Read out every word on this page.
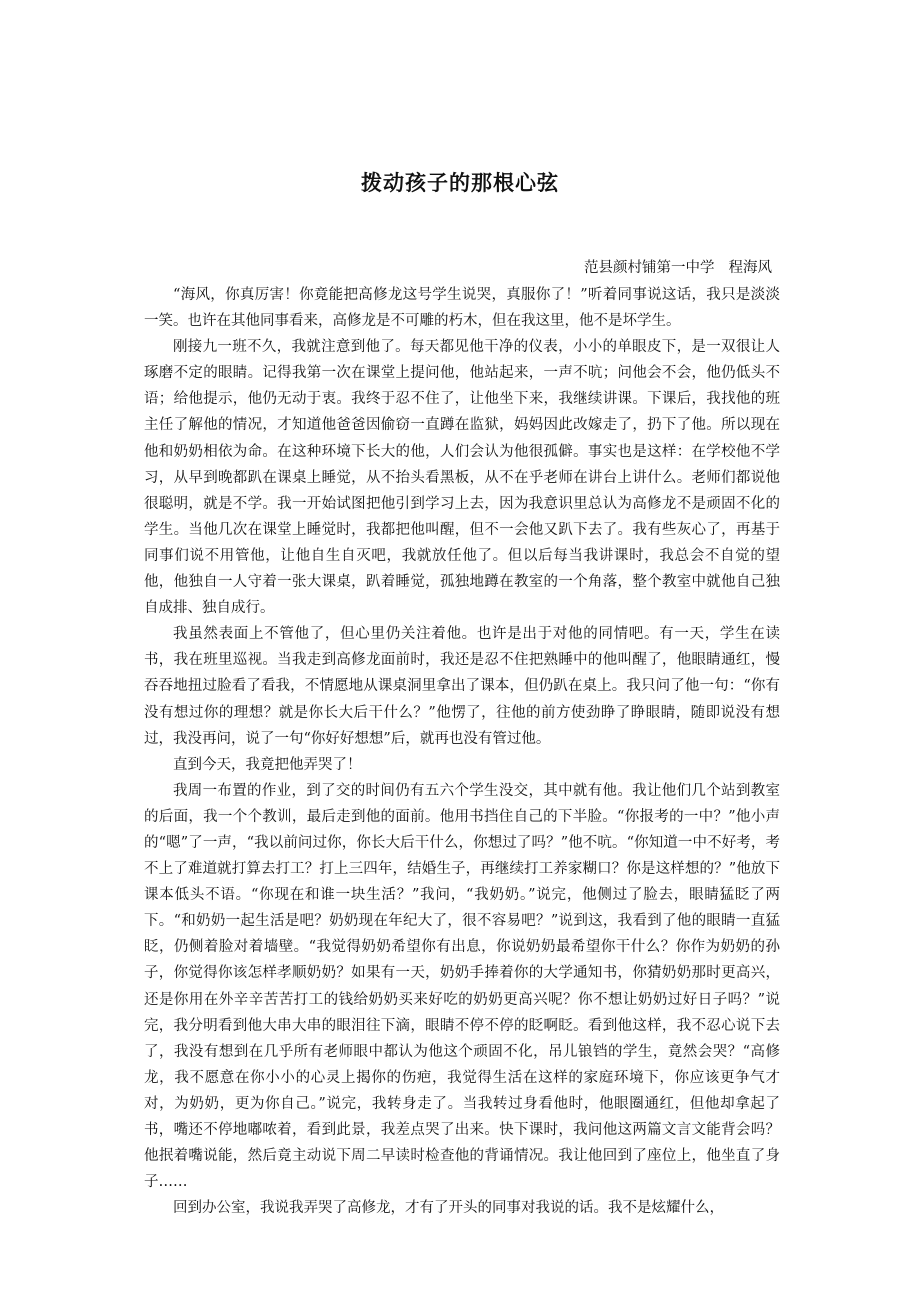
拨动孩子的那根心弦
范县颜村铺第一中学 程海风

“海风，你真厉害！你竟能把高修龙这号学生说哭，真服你了！”听着同事说这话，我只是淡淡一笑。也许在其他同事看来，高修龙是不可雕的朽木，但在我这里，他不是坏学生。

刚接九一班不久，我就注意到他了。每天都见他干净的仪表，小小的单眼皮下，是一双很让人琢磨不定的眼睛。记得我第一次在课堂上提问他，他站起来，一声不吭；问他会不会，他仍低头不语；给他提示，他仍无动于衷。我终于忍不住了，让他坐下来，我继续讲课。下课后，我找他的班主任了解他的情况，才知道他爸爸因偷窃一直蹲在监狱，妈妈因此改嫁走了，扔下了他。所以现在他和奶奶相依为命。在这种环境下长大的他，人们会认为他很孤僻。事实也是这样：在学校他不学习，从早到晚都趴在课桌上睡觉，从不抬头看黑板，从不在乎老师在讲台上讲什么。老师们都说他很聪明，就是不学。我一开始试图把他引到学习上去，因为我意识里总认为高修龙不是顽固不化的学生。当他几次在课堂上睡觉时，我都把他叫醒，但不一会他又趴下去了。我有些灰心了，再基于同事们说不用管他，让他自生自灭吧，我就放任他了。但以后每当我讲课时，我总会不自觉的望他，他独自一人守着一张大课桌，趴着睡觉，孤独地蹲在教室的一个角落，整个教室中就他自己独自成排、独自成行。

我虽然表面上不管他了，但心里仍关注着他。也许是出于对他的同情吧。有一天，学生在读书，我在班里巡视。当我走到高修龙面前时，我还是忍不住把熟睡中的他叫醒了，他眼睛通红，慢吞吞地扭过脸看了看我，不情愿地从课桌洞里拿出了课本，但仍趴在桌上。我只问了他一句：“你有没有想过你的理想？就是你长大后干什么？”他愣了，往他的前方使劲睁了睁眼睛，随即说没有想过，我没再问，说了一句“你好好想想”后，就再也没有管过他。

直到今天，我竟把他弄哭了！

我周一布置的作业，到了交的时间仍有五六个学生没交，其中就有他。我让他们几个站到教室的后面，我一个个教训，最后走到他的面前。他用书挡住自己的下半脸。“你报考的一中？”他小声的“嗯”了一声，“我以前问过你，你长大后干什么，你想过了吗？”他不吭。“你知道一中不好考，考不上了难道就打算去打工？打上三四年，结婚生子，再继续打工养家糊口？你是这样想的？”他放下课本低头不语。“你现在和谁一块生活？”我问，“我奶奶。”说完，他侧过了脸去，眼睛猛眨了两下。“和奶奶一起生活是吧？奶奶现在年纪大了，很不容易吧？”说到这，我看到了他的眼睛一直猛眨，仍侧着脸对着墙壁。“我觉得奶奶希望你有出息，你说奶奶最希望你干什么？你作为奶奶的孙子，你觉得你该怎样孝顺奶奶？如果有一天，奶奶手捧着你的大学通知书，你猜奶奶那时更高兴，还是你用在外辛辛苦苦打工的钱给奶奶买来好吃的奶奶更高兴呢？你不想让奶奶过好日子吗？”说完，我分明看到他大串大串的眼泪往下滴，眼睛不停不停的眨啊眨。看到他这样，我不忍心说下去了，我没有想到在几乎所有老师眼中都认为他这个顽固不化，吊儿锒铛的学生，竟然会哭？“高修龙，我不愿意在你小小的心灵上揭你的伤疤，我觉得生活在这样的家庭环境下，你应该更争气才对，为奶奶，更为你自己。”说完，我转身走了。当我转过身看他时，他眼圈通红，但他却拿起了书，嘴还不停地嘟哝着，看到此景，我差点哭了出来。快下课时，我问他这两篇文言文能背会吗？他抿着嘴说能，然后竟主动说下周二早读时检查他的背诵情况。我让他回到了座位上，他坐直了身子……

回到办公室，我说我弄哭了高修龙，才有了开头的同事对我说的话。我不是炫耀什么，
